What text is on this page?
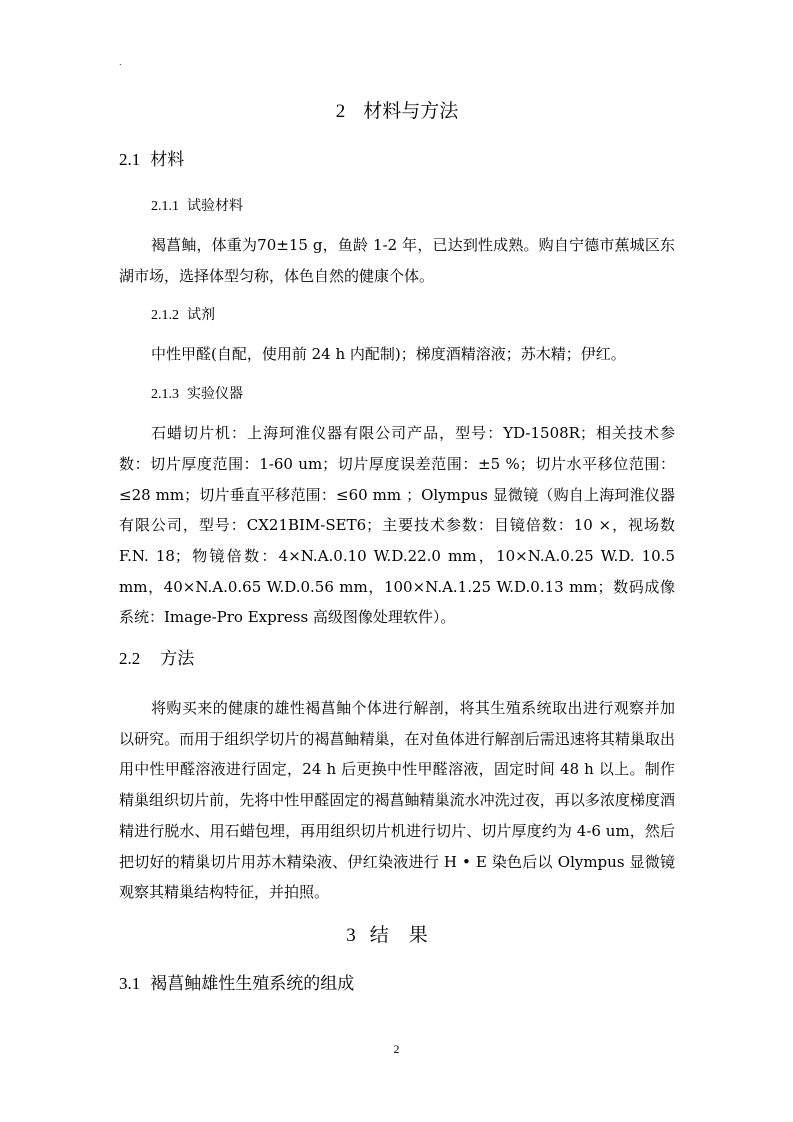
.
2 材料与方法
2.1 材料
2.1.1 试验材料

褐菖鲉，体重为70±15 g，鱼龄 1-2 年，已达到性成熟。购自宁德市蕉城区东湖市场，选择体型匀称，体色自然的健康个体。

2.1.2 试剂

中性甲醛(自配，使用前 24 h 内配制)；梯度酒精溶液；苏木精；伊红。

2.1.3 实验仪器

石蜡切片机：上海珂淮仪器有限公司产品，型号：YD-1508R；相关技术参数：切片厚度范围：1-60 um；切片厚度误差范围：±5 %；切片水平移位范围：≤28 mm；切片垂直平移范围：≤60 mm ；Olympus 显微镜（购自上海珂淮仪器有限公司，型号：CX21BIM-SET6；主要技术参数：目镜倍数：10 ×，视场数 F.N. 18；物镜倍数：4×N.A.0.10 W.D.22.0 mm，10×N.A.0.25 W.D. 10.5 mm，40×N.A.0.65 W.D.0.56 mm，100×N.A.1.25 W.D.0.13 mm；数码成像系统：Image-Pro Express 高级图像处理软件）。

2.2 方法

将购买来的健康的雄性褐菖鲉个体进行解剖，将其生殖系统取出进行观察并加以研究。而用于组织学切片的褐菖鲉精巢，在对鱼体进行解剖后需迅速将其精巢取出用中性甲醛溶液进行固定，24 h 后更换中性甲醛溶液，固定时间 48 h 以上。制作精巢组织切片前，先将中性甲醛固定的褐菖鲉精巢流水冲洗过夜，再以多浓度梯度酒精进行脱水、用石蜡包埋，再用组织切片机进行切片、切片厚度约为 4-6 um，然后把切好的精巢切片用苏木精染液、伊红染液进行 H • E 染色后以 Olympus 显微镜观察其精巢结构特征，并拍照。

3 结果
3.1 褐菖鲉雄性生殖系统的组成
2
